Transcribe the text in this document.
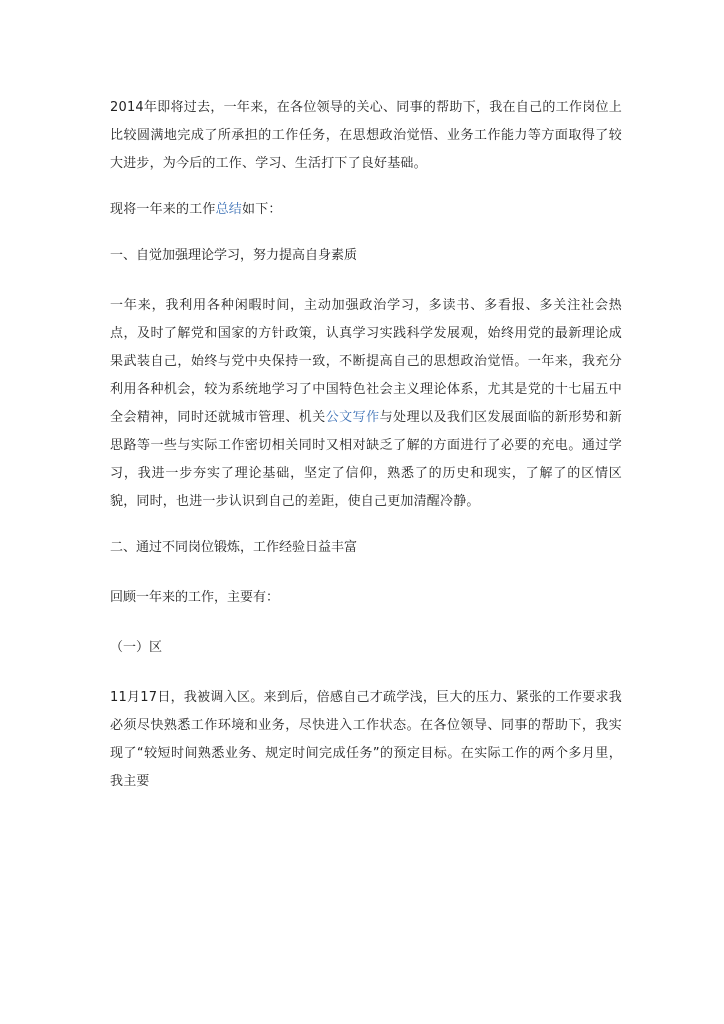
2014年即将过去，一年来，在各位领导的关心、同事的帮助下，我在自己的工作岗位上比较圆满地完成了所承担的工作任务，在思想政治觉悟、业务工作能力等方面取得了较大进步，为今后的工作、学习、生活打下了良好基础。

现将一年来的工作总结如下：

一、自觉加强理论学习，努力提高自身素质

一年来，我利用各种闲暇时间，主动加强政治学习，多读书、多看报、多关注社会热点，及时了解党和国家的方针政策，认真学习实践科学发展观，始终用党的最新理论成果武装自己，始终与党中央保持一致，不断提高自己的思想政治觉悟。一年来，我充分利用各种机会，较为系统地学习了中国特色社会主义理论体系，尤其是党的十七届五中全会精神，同时还就城市管理、机关公文写作与处理以及我们区发展面临的新形势和新思路等一些与实际工作密切相关同时又相对缺乏了解的方面进行了必要的充电。通过学习，我进一步夯实了理论基础，坚定了信仰，熟悉了的历史和现实，了解了的区情区貌，同时，也进一步认识到自己的差距，使自己更加清醒冷静。

二、通过不同岗位锻炼，工作经验日益丰富

回顾一年来的工作，主要有：

（一）区

11月17日，我被调入区。来到后，倍感自己才疏学浅，巨大的压力、紧张的工作要求我必须尽快熟悉工作环境和业务，尽快进入工作状态。在各位领导、同事的帮助下，我实现了“较短时间熟悉业务、规定时间完成任务”的预定目标。在实际工作的两个多月里，我主要
